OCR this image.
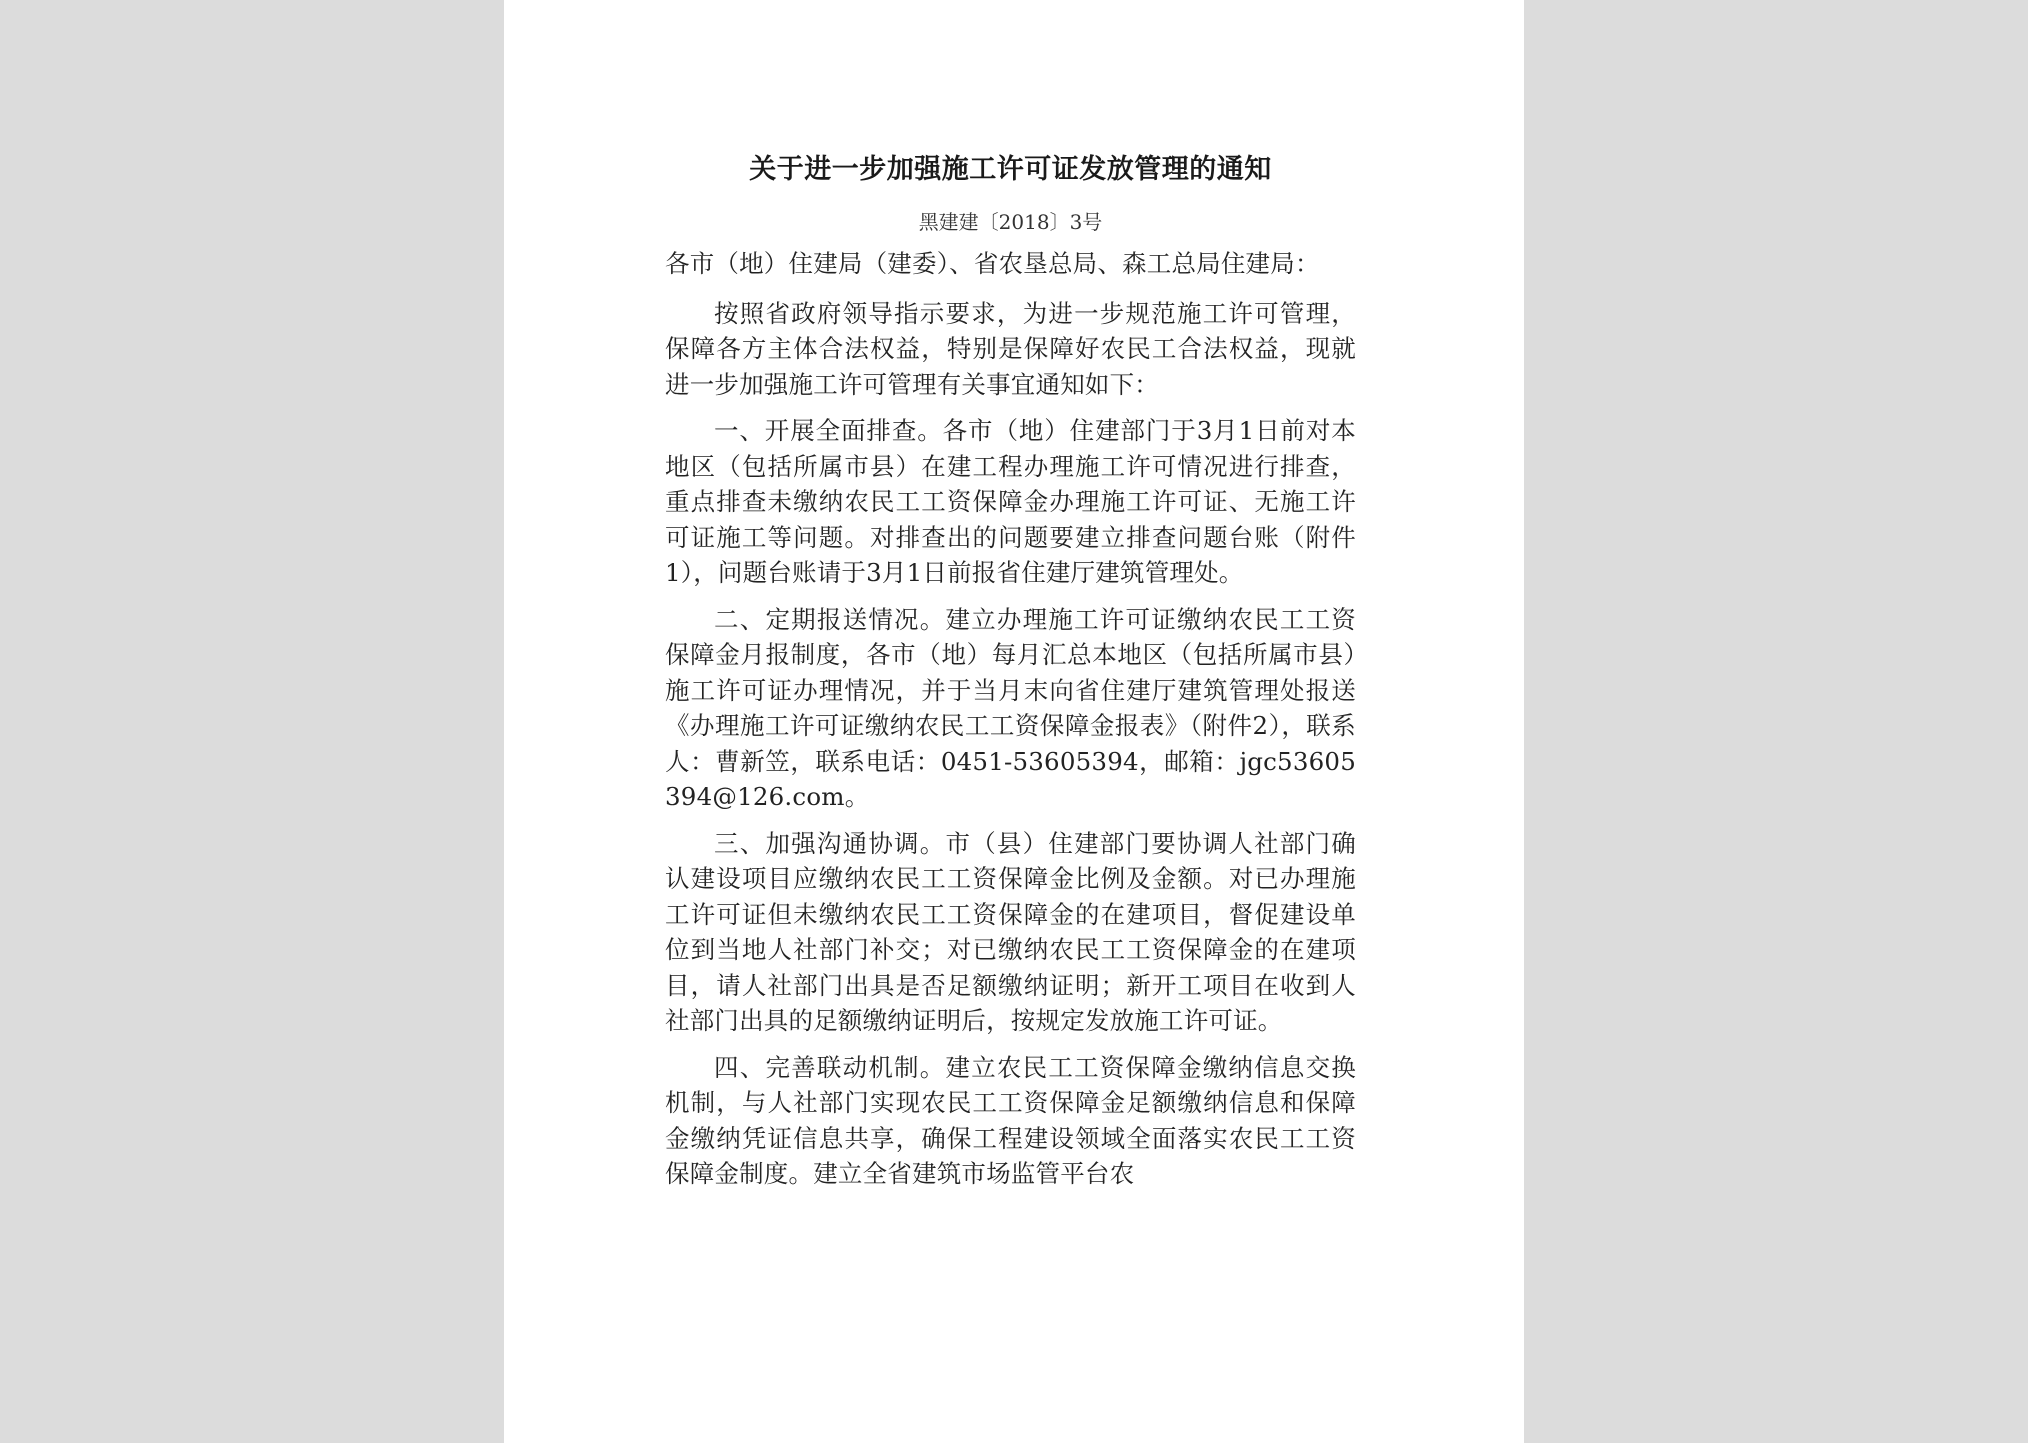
关于进一步加强施工许可证发放管理的通知
黑建建〔2018〕3号

各市（地）住建局（建委）、省农垦总局、森工总局住建局：

按照省政府领导指示要求，为进一步规范施工许可管理，保障各方主体合法权益，特别是保障好农民工合法权益，现就进一步加强施工许可管理有关事宜通知如下：

一、开展全面排查。各市（地）住建部门于3月1日前对本地区（包括所属市县）在建工程办理施工许可情况进行排查，重点排查未缴纳农民工工资保障金办理施工许可证、无施工许可证施工等问题。对排查出的问题要建立排查问题台账（附件1），问题台账请于3月1日前报省住建厅建筑管理处。

二、定期报送情况。建立办理施工许可证缴纳农民工工资保障金月报制度，各市（地）每月汇总本地区（包括所属市县）施工许可证办理情况，并于当月末向省住建厅建筑管理处报送《办理施工许可证缴纳农民工工资保障金报表》（附件2），联系人：曹新笠，联系电话：0451-53605394，邮箱：jgc53605394@126.com。

三、加强沟通协调。市（县）住建部门要协调人社部门确认建设项目应缴纳农民工工资保障金比例及金额。对已办理施工许可证但未缴纳农民工工资保障金的在建项目，督促建设单位到当地人社部门补交；对已缴纳农民工工资保障金的在建项目，请人社部门出具是否足额缴纳证明；新开工项目在收到人社部门出具的足额缴纳证明后，按规定发放施工许可证。

四、完善联动机制。建立农民工工资保障金缴纳信息交换机制，与人社部门实现农民工工资保障金足额缴纳信息和保障金缴纳凭证信息共享，确保工程建设领域全面落实农民工工资保障金制度。建立全省建筑市场监管平台农
